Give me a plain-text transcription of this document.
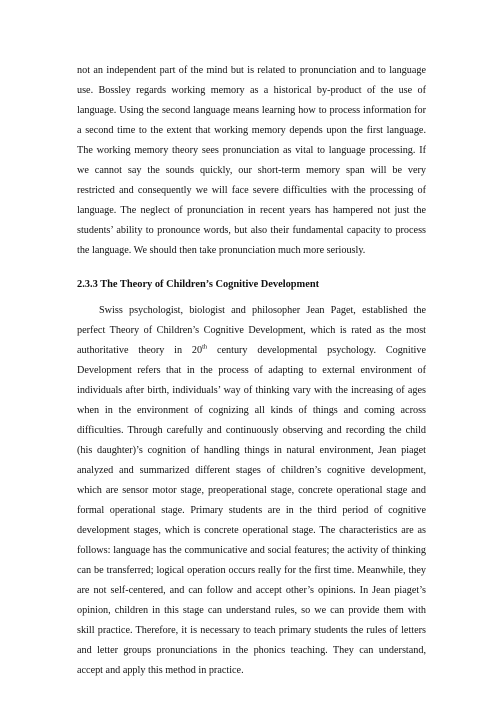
not an independent part of the mind but is related to pronunciation and to language use. Bossley regards working memory as a historical by-product of the use of language. Using the second language means learning how to process information for a second time to the extent that working memory depends upon the first language. The working memory theory sees pronunciation as vital to language processing. If we cannot say the sounds quickly, our short-term memory span will be very restricted and consequently we will face severe difficulties with the processing of language. The neglect of pronunciation in recent years has hampered not just the students’ ability to pronounce words, but also their fundamental capacity to process the language. We should then take pronunciation much more seriously.

2.3.3 The Theory of Children’s Cognitive Development

Swiss psychologist, biologist and philosopher Jean Paget, established the perfect Theory of Children’s Cognitive Development, which is rated as the most authoritative theory in 20th century developmental psychology. Cognitive Development refers that in the process of adapting to external environment of individuals after birth, individuals’ way of thinking vary with the increasing of ages when in the environment of cognizing all kinds of things and coming across difficulties. Through carefully and continuously observing and recording the child (his daughter)’s cognition of handling things in natural environment, Jean piaget analyzed and summarized different stages of children’s cognitive development, which are sensor motor stage, preoperational stage, concrete operational stage and formal operational stage. Primary students are in the third period of cognitive development stages, which is concrete operational stage. The characteristics are as follows: language has the communicative and social features; the activity of thinking can be transferred; logical operation occurs really for the first time. Meanwhile, they are not self-centered, and can follow and accept other’s opinions. In Jean piaget’s opinion, children in this stage can understand rules, so we can provide them with skill practice. Therefore, it is necessary to teach primary students the rules of letters and letter groups pronunciations in the phonics teaching. They can understand, accept and apply this method in practice.
